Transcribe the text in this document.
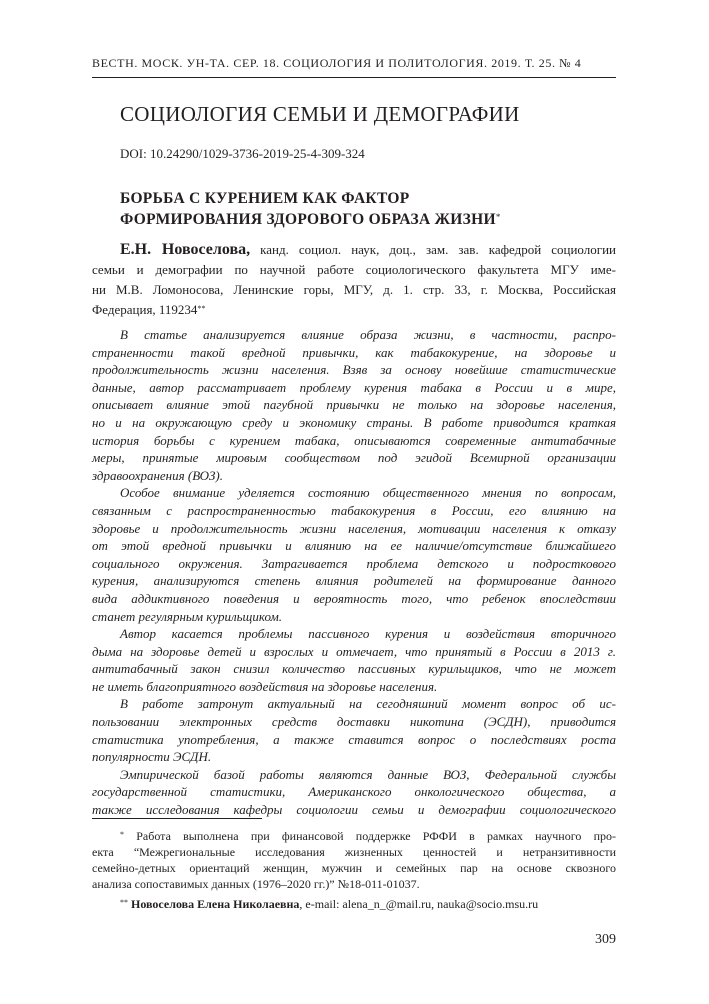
ВЕСТН. МОСК. УН-ТА. СЕР. 18. СОЦИОЛОГИЯ И ПОЛИТОЛОГИЯ. 2019. Т. 25. № 4
СОЦИОЛОГИЯ СЕМЬИ И ДЕМОГРАФИИ
DOI: 10.24290/1029-3736-2019-25-4-309-324
БОРЬБА С КУРЕНИЕМ КАК ФАКТОР
ФОРМИРОВАНИЯ ЗДОРОВОГО ОБРАЗА ЖИЗНИ*
Е.Н. Новоселова, канд. социол. наук, доц., зам. зав. кафедрой социологии
семьи и демографии по научной работе социологического факультета МГУ име-
ни М.В. Ломоносова, Ленинские горы, МГУ, д. 1. стр. 33, г. Москва, Российская
Федерация, 119234**
В статье анализируется влияние образа жизни, в частности, распро-
страненности такой вредной привычки, как табакокурение, на здоровье и
продолжительность жизни населения. Взяв за основу новейшие статистические
данные, автор рассматривает проблему курения табака в России и в мире,
описывает влияние этой пагубной привычки не только на здоровье населения,
но и на окружающую среду и экономику страны. В работе приводится краткая
история борьбы с курением табака, описываются современные антитабачные
меры, принятые мировым сообществом под эгидой Всемирной организации
здравоохранения (ВОЗ).
Особое внимание уделяется состоянию общественного мнения по вопросам,
связанным с распространенностью табакокурения в России, его влиянию на
здоровье и продолжительность жизни населения, мотивации населения к отказу
от этой вредной привычки и влиянию на ее наличие/отсутствие ближайшего
социального окружения. Затрагивается проблема детского и подросткового
курения, анализируются степень влияния родителей на формирование данного
вида аддиктивного поведения и вероятность того, что ребенок впоследствии
станет регулярным курильщиком.
Автор касается проблемы пассивного курения и воздействия вторичного
дыма на здоровье детей и взрослых и отмечает, что принятый в России в 2013 г.
антитабачный закон снизил количество пассивных курильщиков, что не может
не иметь благоприятного воздействия на здоровье населения.
В работе затронут актуальный на сегодняшний момент вопрос об ис-
пользовании электронных средств доставки никотина (ЭСДН), приводится
статистика употребления, а также ставится вопрос о последствиях роста
популярности ЭСДН.
Эмпирической базой работы являются данные ВОЗ, Федеральной службы
государственной статистики, Американского онкологического общества, а
также исследования кафедры социологии семьи и демографии социологического
* Работа выполнена при финансовой поддержке РФФИ в рамках научного про-
екта “Межрегиональные исследования жизненных ценностей и нетранзитивности
семейно-детных ориентаций женщин, мужчин и семейных пар на основе сквозного
анализа сопоставимых данных (1976–2020 гг.)” №18-011-01037.
** Новоселова Елена Николаевна, e-mail: alena_n_@mail.ru, nauka@socio.msu.ru
309
